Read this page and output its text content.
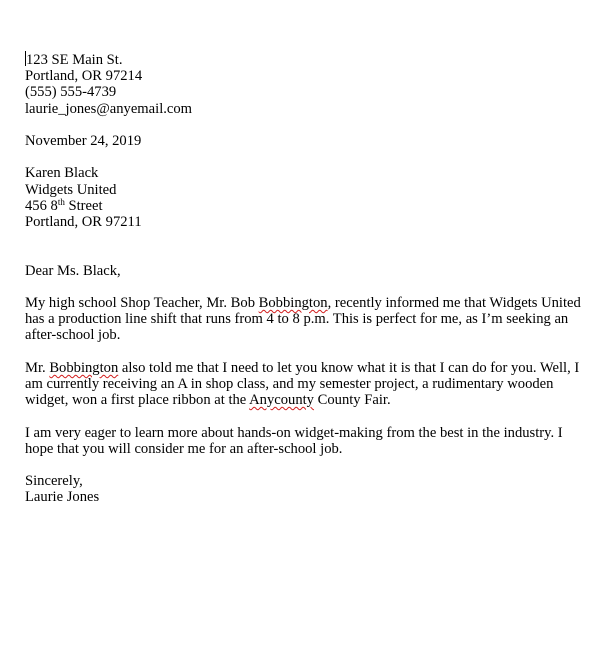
123 SE Main St.
Portland, OR 97214
(555) 555-4739
laurie_jones@anyemail.com
November 24, 2019
Karen Black
Widgets United
456 8th Street
Portland, OR 97211
Dear Ms. Black,
My high school Shop Teacher, Mr. Bob Bobbington, recently informed me that Widgets United has a production line shift that runs from 4 to 8 p.m. This is perfect for me, as I’m seeking an after-school job.
Mr. Bobbington also told me that I need to let you know what it is that I can do for you. Well, I am currently receiving an A in shop class, and my semester project, a rudimentary wooden widget, won a first place ribbon at the Anycounty County Fair.
I am very eager to learn more about hands-on widget-making from the best in the industry. I hope that you will consider me for an after-school job.
Sincerely,
Laurie Jones
